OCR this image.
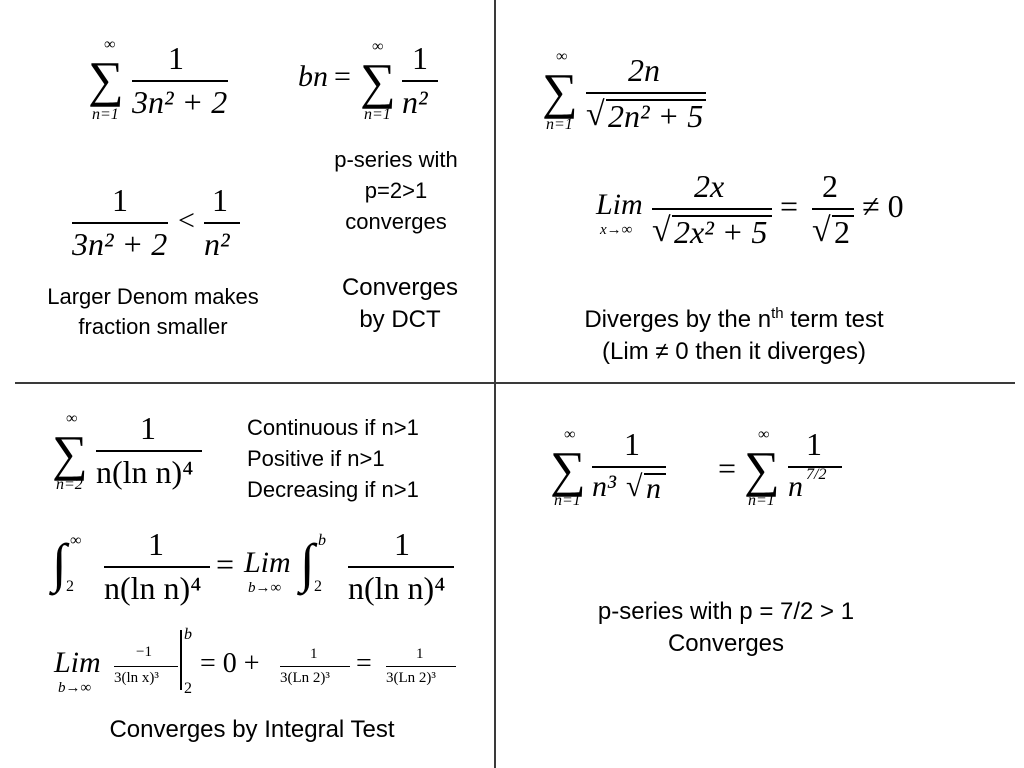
∑
∞
n=1
1
3n² + 2
bn = ∑
∞
n=1
1
n²
1
3n² + 2
<
1
n²
Larger Denom makes
fraction smaller
p-series with
p=2>1
converges
Converges
by DCT
∑
∞
n=1
2n
√ 2n² + 5
Lim
x→∞
2x
√ 2x² + 5
=
2
√ 2
≠ 0
Diverges by the $n^{th}$ term test
(Lim ≠ 0 then it diverges)
∑
∞
n=2
1
n(ln n)⁴
Continuous if n>1
Positive if n>1
Decreasing if n>1
∫ ∞
2
1
n(ln n)⁴
= Lim
b→∞ ∫ b
2
1
n(ln n)⁴
Lim
b→∞
−1
3(ln x)³
b
2
= 0 +	1
3(Ln 2)³ =	1
3(Ln 2)³
Converges by Integral Test
∑
∞
n=1
1
n³ √ n
= ∑
∞
n=1
1
n 7/2
p-series with p = 7/2 > 1
Converges
